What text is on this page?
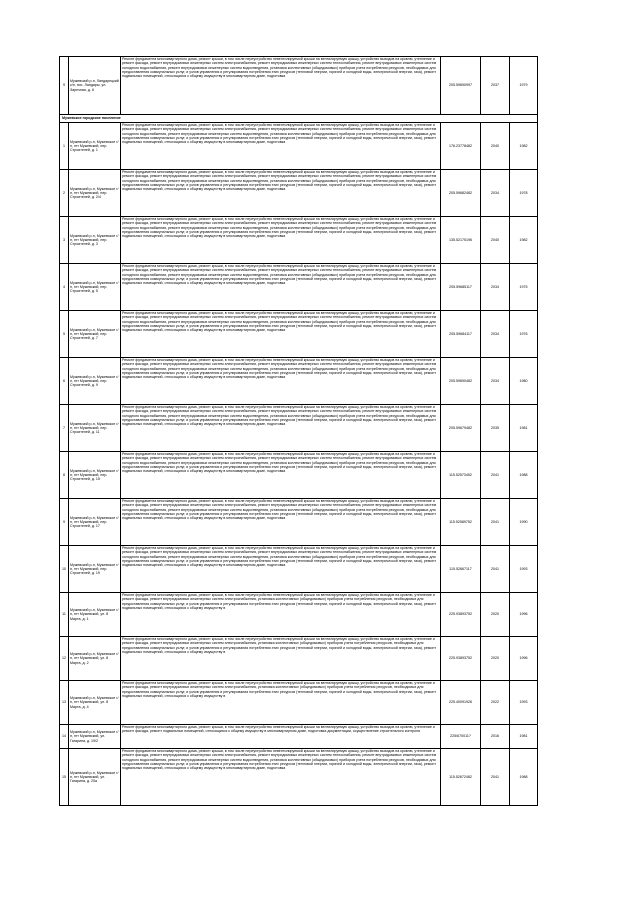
9	Мужевский р-н, Ландарецкий с/п, пос. Ландары, ул. Заречная, д. 6	Ремонт фундамента многоквартирного дома, ремонт крыши, в том числе переустройство невентилируемой крыши на вентилируемую крышу, устройство выходов на кровлю, утепление и ремонт фасада, ремонт внутридомовых инженерных систем электроснабжения, ремонт внутридомовых инженерных систем теплоснабжения, ремонт внутридомовых инженерных систем холодного водоснабжения, ремонт внутридомовых инженерных систем водоотведения, установка коллективных (общедомовых) приборов учета потребления ресурсов, необходимых для предоставления коммунальных услуг, и узлов управления и регулирования потребления этих ресурсов (тепловой энергии, горячей и холодной воды, электрической энергии, газа), ремонт подвальных помещений, относящихся к общему имуществу в многоквартирном доме, подготовка	205.59690997	2037	1979
Мужевское городское поселение					
1	Мужевский р-н, Мужевское г/п, пгт Мужевский, пер. Строителей, д. 1	Ремонт фундамента многоквартирного дома, ремонт крыши, в том числе переустройство невентилируемой крыши на вентилируемую крышу, устройство выходов на кровлю, утепление и ремонт фасада, ремонт внутридомовых инженерных систем электроснабжения, ремонт внутридомовых инженерных систем теплоснабжения, ремонт внутридомовых инженерных систем холодного водоснабжения, ремонт внутридомовых инженерных систем водоотведения, установка коллективных (общедомовых) приборов учета потребления ресурсов, необходимых для предоставления коммунальных услуг, и узлов управления и регулирования потребления этих ресурсов (тепловой энергии, горячей и холодной воды, электрической энергии, газа), ремонт подвальных помещений, относящихся к общему имуществу в многоквартирном доме, подготовка	176.23778482	2040	1982
2	Мужевский р-н, Мужевское г/п, пгт Мужевский, пер. Строителей, д. 2/4	Ремонт фундамента многоквартирного дома, ремонт крыши, в том числе переустройство невентилируемой крыши на вентилируемую крышу, устройство выходов на кровлю, утепление и ремонт фасада, ремонт внутридомовых инженерных систем электроснабжения, ремонт внутридомовых инженерных систем теплоснабжения, ремонт внутридомовых инженерных систем холодного водоснабжения, ремонт внутридомовых инженерных систем водоотведения, установка коллективных (общедомовых) приборов учета потребления ресурсов, необходимых для предоставления коммунальных услуг, и узлов управления и регулирования потребления этих ресурсов (тепловой энергии, горячей и холодной воды, электрической энергии, газа), ремонт подвальных помещений, относящихся к общему имуществу в многоквартирном доме, подготовка	205.59682482	2034	1978
3	Мужевский р-н, Мужевское г/п, пгт Мужевский, пер. Строителей, д. 3	Ремонт фундамента многоквартирного дома, ремонт крыши, в том числе переустройство невентилируемой крыши на вентилируемую крышу, устройство выходов на кровлю, утепление и ремонт фасада, ремонт внутридомовых инженерных систем электроснабжения, ремонт внутридомовых инженерных систем теплоснабжения, ремонт внутридомовых инженерных систем холодного водоснабжения, ремонт внутридомовых инженерных систем водоотведения, установка коллективных (общедомовых) приборов учета потребления ресурсов, необходимых для предоставления коммунальных услуг, и узлов управления и регулирования потребления этих ресурсов (тепловой энергии, горячей и холодной воды, электрической энергии, газа), ремонт подвальных помещений, относящихся к общему имуществу в многоквартирном доме, подготовка	135.52175196	2040	1982
4	Мужевский р-н, Мужевское г/п, пгт Мужевский, пер. Строителей, д. 5	Ремонт фундамента многоквартирного дома, ремонт крыши, в том числе переустройство невентилируемой крыши на вентилируемую крышу, устройство выходов на кровлю, утепление и ремонт фасада, ремонт внутридомовых инженерных систем электроснабжения, ремонт внутридомовых инженерных систем теплоснабжения, ремонт внутридомовых инженерных систем холодного водоснабжения, ремонт внутридомовых инженерных систем водоотведения, установка коллективных (общедомовых) приборов учета потребления ресурсов, необходимых для предоставления коммунальных услуг, и узлов управления и регулирования потребления этих ресурсов (тепловой энергии, горячей и холодной воды, электрической энергии, газа), ремонт подвальных помещений, относящихся к общему имуществу в многоквартирном доме, подготовка	205.59685117	2034	1975
5	Мужевский р-н, Мужевское г/п, пгт Мужевский, пер. Строителей, д. 7	Ремонт фундамента многоквартирного дома, ремонт крыши, в том числе переустройство невентилируемой крыши на вентилируемую крышу, устройство выходов на кровлю, утепление и ремонт фасада, ремонт внутридомовых инженерных систем электроснабжения, ремонт внутридомовых инженерных систем теплоснабжения, ремонт внутридомовых инженерных систем холодного водоснабжения, ремонт внутридомовых инженерных систем водоотведения, установка коллективных (общедомовых) приборов учета потребления ресурсов, необходимых для предоставления коммунальных услуг, и узлов управления и регулирования потребления этих ресурсов (тепловой энергии, горячей и холодной воды, электрической энергии, газа), ремонт подвальных помещений, относящихся к общему имуществу в многоквартирном доме, подготовка	205.59684117	2034	1976
6	Мужевский р-н, Мужевское г/п, пгт Мужевский, пер. Строителей, д. 9	Ремонт фундамента многоквартирного дома, ремонт крыши, в том числе переустройство невентилируемой крыши на вентилируемую крышу, устройство выходов на кровлю, утепление и ремонт фасада, ремонт внутридомовых инженерных систем электроснабжения, ремонт внутридомовых инженерных систем теплоснабжения, ремонт внутридомовых инженерных систем холодного водоснабжения, ремонт внутридомовых инженерных систем водоотведения, установка коллективных (общедомовых) приборов учета потребления ресурсов, необходимых для предоставления коммунальных услуг, и узлов управления и регулирования потребления этих ресурсов (тепловой энергии, горячей и холодной воды, электрической энергии, газа), ремонт подвальных помещений, относящихся к общему имуществу в многоквартирном доме, подготовка	205.59690482	2034	1980
7	Мужевский р-н, Мужевское г/п, пгт Мужевский, пер. Строителей, д. 11	Ремонт фундамента многоквартирного дома, ремонт крыши, в том числе переустройство невентилируемой крыши на вентилируемую крышу, устройство выходов на кровлю, утепление и ремонт фасада, ремонт внутридомовых инженерных систем электроснабжения, ремонт внутридомовых инженерных систем теплоснабжения, ремонт внутридомовых инженерных систем холодного водоснабжения, ремонт внутридомовых инженерных систем водоотведения, установка коллективных (общедомовых) приборов учета потребления ресурсов, необходимых для предоставления коммунальных услуг, и узлов управления и регулирования потребления этих ресурсов (тепловой энергии, горячей и холодной воды, электрической энергии, газа), ремонт подвальных помещений, относящихся к общему имуществу в многоквартирном доме, подготовка	205.59679482	2035	1981
8	Мужевский р-н, Мужевское г/п, пгт Мужевский, пер. Строителей, д. 15	Ремонт фундамента многоквартирного дома, ремонт крыши, в том числе переустройство невентилируемой крыши на вентилируемую крышу, устройство выходов на кровлю, утепление и ремонт фасада, ремонт внутридомовых инженерных систем электроснабжения, ремонт внутридомовых инженерных систем теплоснабжения, ремонт внутридомовых инженерных систем холодного водоснабжения, ремонт внутридомовых инженерных систем водоотведения, установка коллективных (общедомовых) приборов учета потребления ресурсов, необходимых для предоставления коммунальных услуг, и узлов управления и регулирования потребления этих ресурсов (тепловой энергии, горячей и холодной воды, электрической энергии, газа), ремонт подвальных помещений, относящихся к общему имуществу в многоквартирном доме, подготовка	115.52573452	2041	1988
9	Мужевский р-н, Мужевское г/п, пгт Мужевский, пер. Строителей, д. 17	Ремонт фундамента многоквартирного дома, ремонт крыши, в том числе переустройство невентилируемой крыши на вентилируемую крышу, устройство выходов на кровлю, утепление и ремонт фасада, ремонт внутридомовых инженерных систем электроснабжения, ремонт внутридомовых инженерных систем теплоснабжения, ремонт внутридомовых инженерных систем холодного водоснабжения, ремонт внутридомовых инженерных систем водоотведения, установка коллективных (общедомовых) приборов учета потребления ресурсов, необходимых для предоставления коммунальных услуг, и узлов управления и регулирования потребления этих ресурсов (тепловой энергии, горячей и холодной воды, электрической энергии, газа), ремонт подвальных помещений, относящихся к общему имуществу в многоквартирном доме, подготовка	115.52589752	2041	1990
10	Мужевский р-н, Мужевское г/п, пгт Мужевский, пер. Строителей, д. 19	Ремонт фундамента многоквартирного дома, ремонт крыши, в том числе переустройство невентилируемой крыши на вентилируемую крышу, устройство выходов на кровлю, утепление и ремонт фасада, ремонт внутридомовых инженерных систем электроснабжения, ремонт внутридомовых инженерных систем теплоснабжения, ремонт внутридомовых инженерных систем холодного водоснабжения, ремонт внутридомовых инженерных систем водоотведения, установка коллективных (общедомовых) приборов учета потребления ресурсов, необходимых для предоставления коммунальных услуг, и узлов управления и регулирования потребления этих ресурсов (тепловой энергии, горячей и холодной воды, электрической энергии, газа), ремонт подвальных помещений, относящихся к общему имуществу в многоквартирном доме, подготовка	115.52667117	2041	1993
11	Мужевский р-н, Мужевское г/п, пгт Мужевский, ул. 8 Марта, д. 1	Ремонт фундамента многоквартирного дома, ремонт крыши, в том числе переустройство невентилируемой крыши на вентилируемую крышу, устройство выходов на кровлю, утепление и ремонт фасада, ремонт внутридомовых инженерных систем электроснабжения, установка коллективных (общедомовых) приборов учета потребления ресурсов, необходимых для предоставления коммунальных услуг, и узлов управления и регулирования потребления этих ресурсов (тепловой энергии, горячей и холодной воды, электрической энергии, газа), ремонт подвальных помещений, относящихся к общему имуществу в	225.93893752	2020	1996
12	Мужевский р-н, Мужевское г/п, пгт Мужевский, ул. 8 Марта, д. 2	Ремонт фундамента многоквартирного дома, ремонт крыши, в том числе переустройство невентилируемой крыши на вентилируемую крышу, устройство выходов на кровлю, утепление и ремонт фасада, ремонт внутридомовых инженерных систем электроснабжения, установка коллективных (общедомовых) приборов учета потребления ресурсов, необходимых для предоставления коммунальных услуг, и узлов управления и регулирования потребления этих ресурсов (тепловой энергии, горячей и холодной воды, электрической энергии, газа), ремонт подвальных помещений, относящихся к общему имуществу в	225.93893752	2020	1996
13	Мужевский р-н, Мужевское г/п, пгт Мужевский, ул. 8 Марта, д. 4	Ремонт фундамента многоквартирного дома, ремонт крыши, в том числе переустройство невентилируемой крыши на вентилируемую крышу, устройство выходов на кровлю, утепление и ремонт фасада, ремонт внутридомовых инженерных систем электроснабжения, установка коллективных (общедомовых) приборов учета потребления ресурсов, необходимых для предоставления коммунальных услуг, и узлов управления и регулирования потребления этих ресурсов (тепловой энергии, горячей и холодной воды, электрической энергии, газа), ремонт подвальных помещений, относящихся к общему имуществу в	225.40091926	2022	1993
14	Мужевский р-н, Мужевское г/п, пгт Мужевский, ул. Гагарина, д. 19/2	Ремонт фундамента многоквартирного дома, ремонт крыши, в том числе переустройство невентилируемой крыши на вентилируемую крышу, устройство выходов на кровлю, утепление и ремонт фасада, ремонт подвальных помещений, относящихся к общему имуществу в многоквартирном доме, подготовка документации, осуществление строительного контроля	225/670011?	2016	1981
15	Мужевский р-н, Мужевское г/п, пгт Мужевский, ул. Гагарина, д. 20а	Ремонт фундамента многоквартирного дома, ремонт крыши, в том числе переустройство невентилируемой крыши на вентилируемую крышу, устройство выходов на кровлю, утепление и ремонт фасада, ремонт внутридомовых инженерных систем электроснабжения, ремонт внутридомовых инженерных систем теплоснабжения, ремонт внутридомовых инженерных систем холодного водоснабжения, ремонт внутридомовых инженерных систем водоотведения, установка коллективных (общедомовых) приборов учета потребления ресурсов, необходимых для предоставления коммунальных услуг, и узлов управления и регулирования потребления этих ресурсов (тепловой энергии, горячей и холодной воды, электрической энергии, газа), ремонт подвальных помещений, относящихся к общему имуществу в многоквартирном доме, подготовка	115.52672482	2041	1988
